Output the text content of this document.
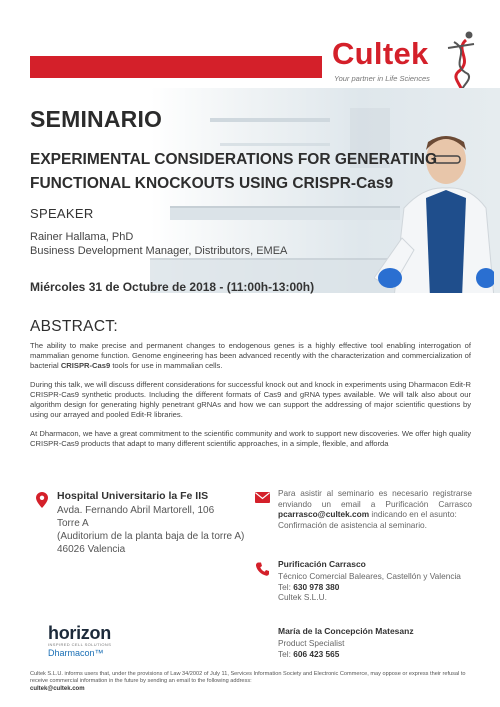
Cultek
Your partner in Life Sciences
SEMINARIO
EXPERIMENTAL CONSIDERATIONS FOR GENERATING
FUNCTIONAL KNOCKOUTS USING CRISPR-Cas9
SPEAKER
Rainer Hallama, PhD
Business Development Manager, Distributors, EMEA
Miércoles 31 de Octubre de 2018 - (11:00h-13:00h)
ABSTRACT:

The ability to make precise and permanent changes to endogenous genes is a highly effective tool enabling interrogation of mammalian genome function. Genome engineering has been advanced recently with the characterization and commercialization of bacterial CRISPR-Cas9 tools for use in mammalian cells.

During this talk, we will discuss different considerations for successful knock out and knock in experiments using Dharmacon Edit-R CRISPR-Cas9 synthetic products. Including the different formats of Cas9 and gRNA types available. We will talk also about our algorithm design for generating highly penetrant gRNAs and how we can support the addressing of major scientific questions by using our arrayed and pooled Edit-R libraries.

At Dharmacon, we have a great commitment to the scientific community and work to support new discoveries. We offer high quality CRISPR-Cas9 products that adapt to many different scientific approaches, in a simple, flexible, and afforda

Hospital Universitario la Fe IIS
Avda. Fernando Abril Martorell, 106
Torre A
(Auditorium de la planta baja de la torre A)
46026 Valencia
Para asistir al seminario es necesario registrarse enviando un email a Purificación Carrasco pcarrasco@cultek.com indicando en el asunto:
Confirmación de asistencia al seminario.
Purificación Carrasco
Técnico Comercial Baleares, Castellón y Valencia
Tel: 630 978 380
Cultek S.L.U.
María de la Concepción Matesanz
Product Specialist
Tel: 606 423 565
horizon
INSPIRED CELL SOLUTIONS
Dharmacon™
Cultek S.L.U. informs users that, under the provisions of Law 34/2002 of July 11, Services Information Society and Electronic Commerce, may oppose or express their refusal to receive commercial information in the future by sending an email to the following address:
cultek@cultek.com
